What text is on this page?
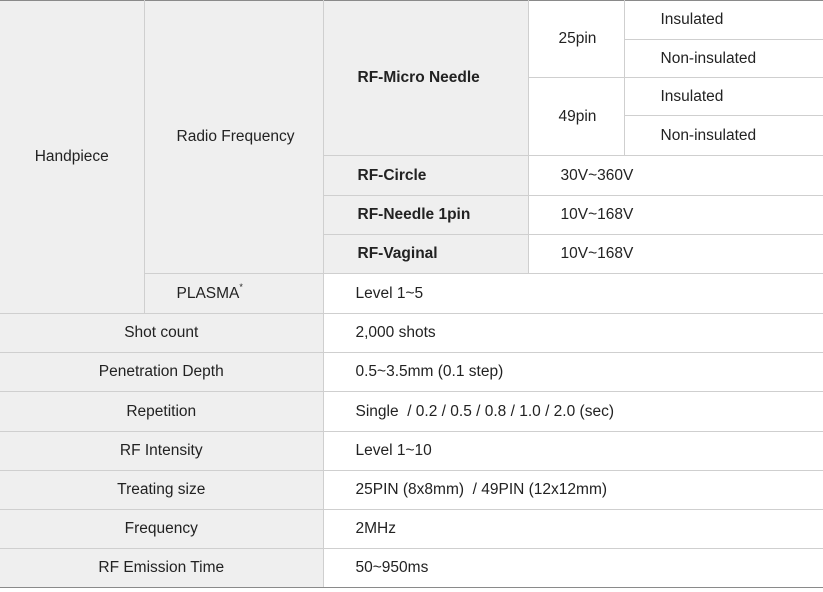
Handpiece	Radio Frequency	RF-Micro Needle	25pin	Insulated
				Non-insulated
			49pin	Insulated
				Non-insulated
		RF-Circle	30V~360V	
		RF-Needle 1pin	10V~168V	
		RF-Vaginal	10V~168V	
	PLASMA*	Level 1~5		
Shot count		2,000 shots		
Penetration Depth		0.5~3.5mm (0.1 step)		
Repetition		Single  / 0.2 / 0.5 / 0.8 / 1.0 / 2.0 (sec)		
RF Intensity		Level 1~10		
Treating size		25PIN (8x8mm)  / 49PIN (12x12mm)		
Frequency		2MHz		
RF Emission Time		50~950ms		
